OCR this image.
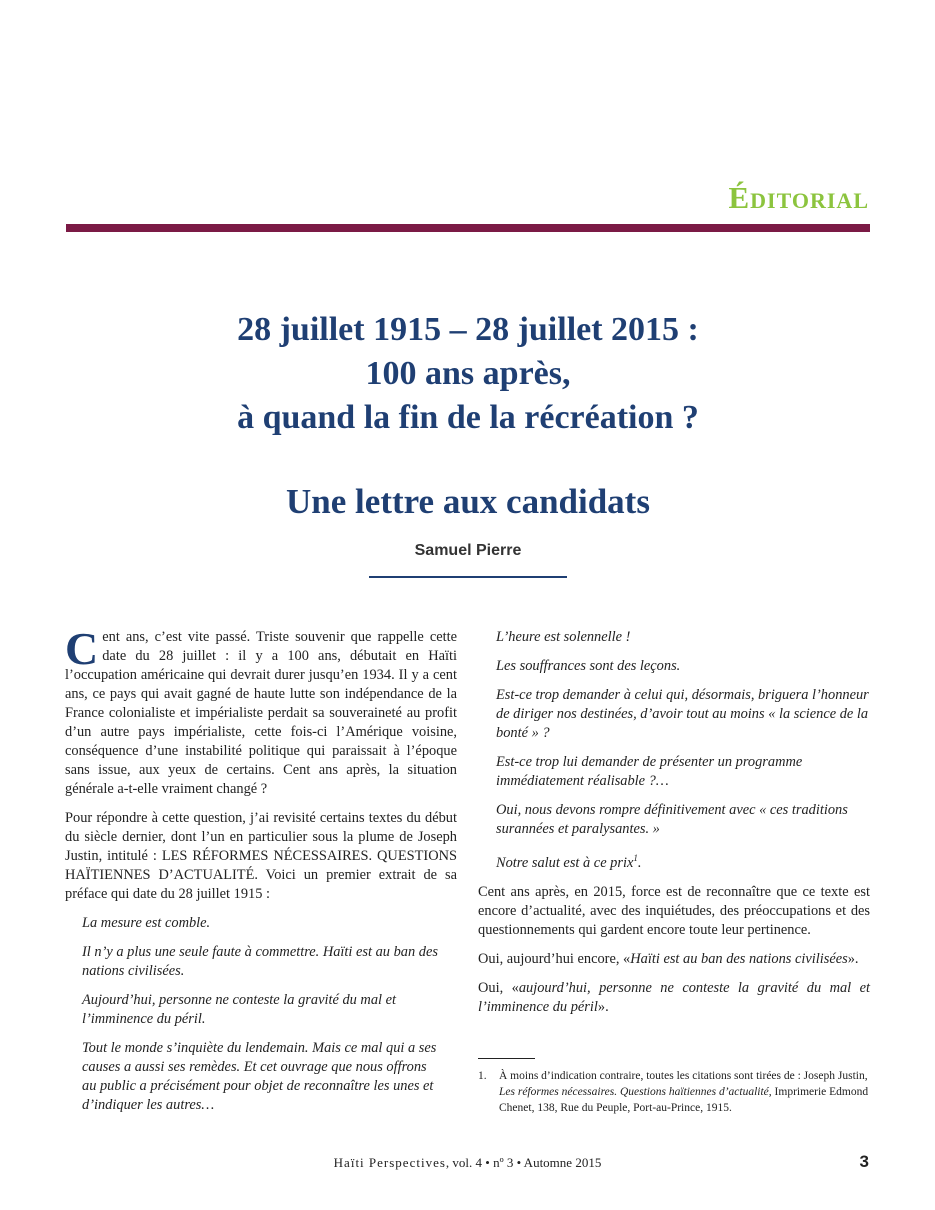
Éditorial
28 juillet 1915 – 28 juillet 2015 :
100 ans après,
à quand la fin de la récréation ?
Une lettre aux candidats
Samuel Pierre

Cent ans, c’est vite passé. Triste souvenir que rappelle cette date du 28 juillet : il y a 100 ans, débutait en Haïti l’occupation américaine qui devrait durer jusqu’en 1934. Il y a cent ans, ce pays qui avait gagné de haute lutte son indépendance de la France colonialiste et impérialiste perdait sa souveraineté au profit d’un autre pays impérialiste, cette fois-ci l’Amérique voisine, conséquence d’une instabilité politique qui paraissait à l’époque sans issue, aux yeux de certains. Cent ans après, la situation générale a-t-elle vraiment changé ?

Pour répondre à cette question, j’ai revisité certains textes du début du siècle dernier, dont l’un en particulier sous la plume de Joseph Justin, intitulé : LES RÉFORMES NÉCESSAIRES. QUESTIONS HAÏTIENNES D’ACTUALITÉ. Voici un premier extrait de sa préface qui date du 28 juillet 1915 :

La mesure est comble.
Il n’y a plus une seule faute à commettre. Haïti est au ban des nations civilisées.
Aujourd’hui, personne ne conteste la gravité du mal et l’imminence du péril.
Tout le monde s’inquiète du lendemain. Mais ce mal qui a ses causes a aussi ses remèdes. Et cet ouvrage que nous offrons au public a précisément pour objet de reconnaître les unes et d’indiquer les autres…
L’heure est solennelle !
Les souffrances sont des leçons.
Est-ce trop demander à celui qui, désormais, briguera l’honneur de diriger nos destinées, d’avoir tout au moins « la science de la bonté » ?
Est-ce trop lui demander de présenter un programme immédiatement réalisable ?…
Oui, nous devons rompre définitivement avec « ces traditions surannées et paralysantes. »
Notre salut est à ce prix$^1$.

Cent ans après, en 2015, force est de reconnaître que ce texte est encore d’actualité, avec des inquiétudes, des préoccupations et des questionnements qui gardent encore toute leur pertinence.

Oui, aujourd’hui encore, «Haïti est au ban des nations civilisées».

Oui, «aujourd’hui, personne ne conteste la gravité du mal et l’imminence du péril».

1. À moins d’indication contraire, toutes les citations sont tirées de : Joseph Justin, Les réformes nécessaires. Questions haïtiennes d’actualité, Imprimerie Edmond Chenet, 138, Rue du Peuple, Port-au-Prince, 1915.
Haïti Perspectives, vol. 4 • nº 3 • Automne 2015	3
